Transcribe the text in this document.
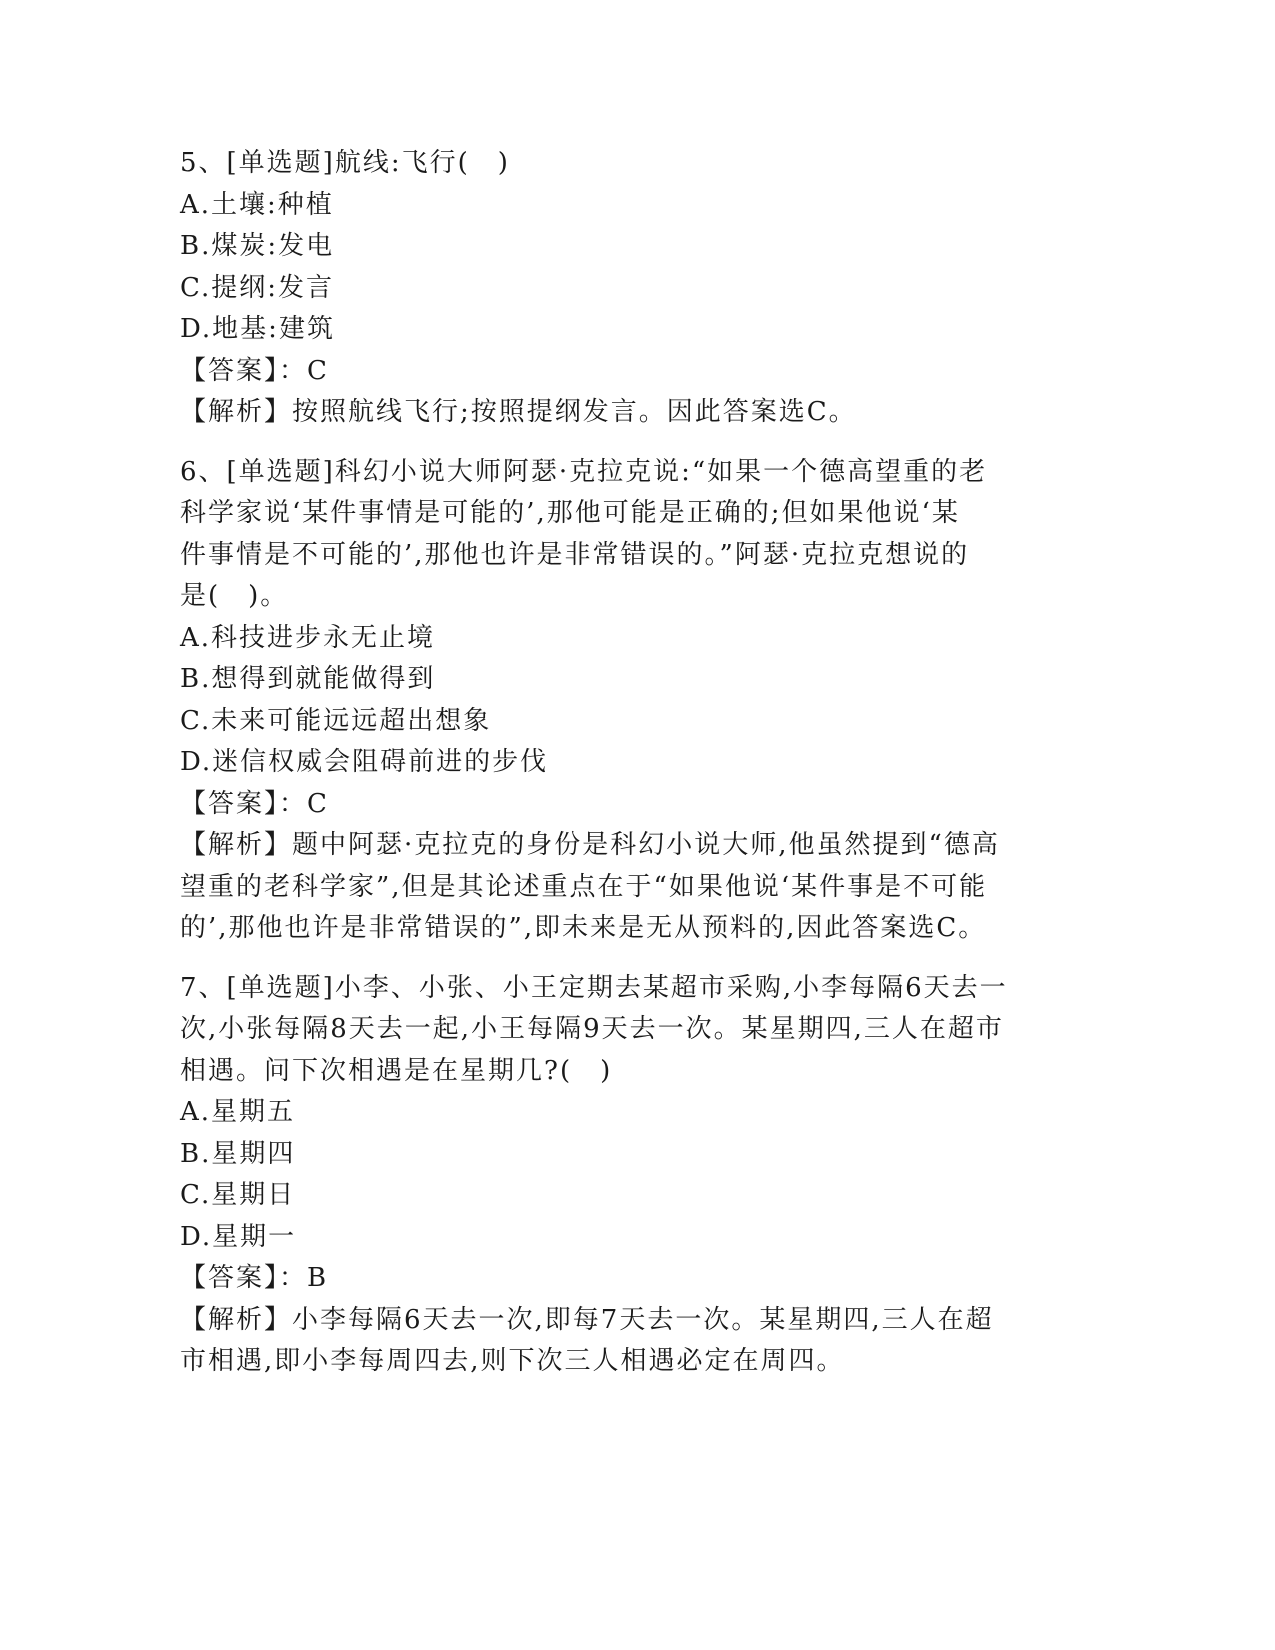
5、[单选题]航线:飞行(　)
A.土壤:种植
B.煤炭:发电
C.提纲:发言
D.地基:建筑
【答案】：C
【解析】按照航线飞行;按照提纲发言。因此答案选C。
6、[单选题]科幻小说大师阿瑟·克拉克说:“如果一个德高望重的老
科学家说‘某件事情是可能的’,那他可能是正确的;但如果他说‘某
件事情是不可能的’,那他也许是非常错误的。”阿瑟·克拉克想说的
是(　)。
A.科技进步永无止境
B.想得到就能做得到
C.未来可能远远超出想象
D.迷信权威会阻碍前进的步伐
【答案】：C
【解析】题中阿瑟·克拉克的身份是科幻小说大师,他虽然提到“德高
望重的老科学家”,但是其论述重点在于“如果他说‘某件事是不可能
的’,那他也许是非常错误的”,即未来是无从预料的,因此答案选C。
7、[单选题]小李、小张、小王定期去某超市采购,小李每隔6天去一
次,小张每隔8天去一起,小王每隔9天去一次。某星期四,三人在超市
相遇。问下次相遇是在星期几?(　)
A.星期五
B.星期四
C.星期日
D.星期一
【答案】：B
【解析】小李每隔6天去一次,即每7天去一次。某星期四,三人在超
市相遇,即小李每周四去,则下次三人相遇必定在周四。
